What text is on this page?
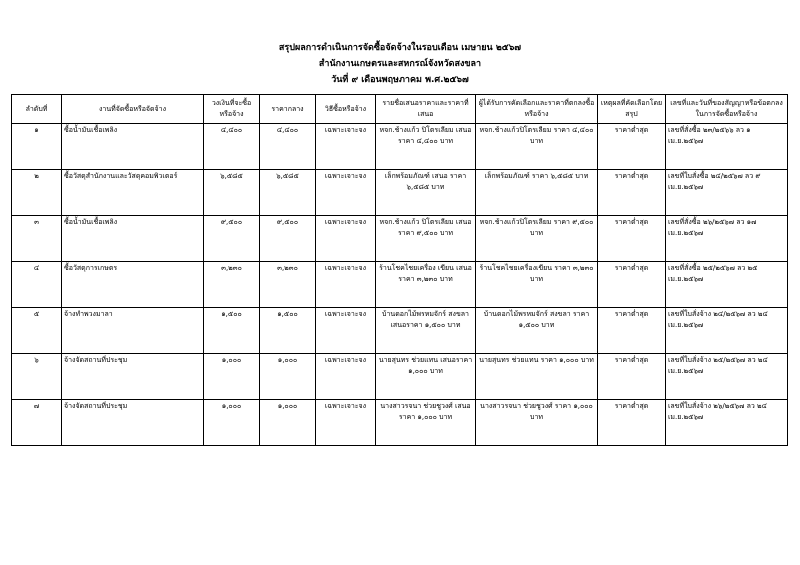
สรุปผลการดำเนินการจัดซื้อจัดจ้างในรอบเดือน เมษายน ๒๕๖๗
สำนักงานเกษตรและสหกรณ์จังหวัดสงขลา
วันที่ ๙ เดือนพฤษภาคม พ.ศ.๒๕๖๗
ลำดับที่	งานที่จัดซื้อหรือจัดจ้าง	วงเงินที่จะซื้อหรือจ้าง	ราคากลาง	วิธีซื้อหรือจ้าง	รายชื่อเสนอราคาและราคาที่เสนอ	ผู้ได้รับการคัดเลือกและราคาที่ตกลงซื้อหรือจ้าง	เหตุผลที่คัดเลือกโดยสรุป	เลขที่และวันที่ของสัญญาหรือข้อตกลงในการจัดซื้อหรือจ้าง
๑	ซื้อน้ำมันเชื้อเพลิง	๔,๔๐๐	๔,๔๐๐	เฉพาะเจาะจง	หจก.ช้างแก้ว ปิโตรเลียม เสนอราคา ๔,๔๐๐ บาท	หจก.ช้างแก้วปิโตรเลียม ราคา ๔,๔๐๐ บาท	ราคาต่ำสุด	เลขที่สั่งซื้อ ๒๓/๒๕๖๖ ลว ๑ เม.ย.๒๕๖๗
๒	ซื้อวัสดุสำนักงานและวัสดุคอมพิวเตอร์	๖,๕๘๕	๖,๕๘๕	เฉพาะเจาะจง	เล็กพร้อมภัณฑ์ เสนอ ราคา ๖,๕๘๕ บาท	เล็กพร้อมภัณฑ์ ราคา ๖,๕๘๕ บาท	ราคาต่ำสุด	เลขที่ใบสั่งซื้อ ๒๔/๒๕๖๗ ลว ๙ เม.ย.๒๕๖๗
๓	ซื้อน้ำมันเชื้อเพลิง	๙,๕๐๐	๙,๕๐๐	เฉพาะเจาะจง	หจก.ช้างแก้ว ปิโตรเลียม เสนอราคา ๙,๕๐๐ บาท	หจก.ช้างแก้วปิโตรเลียม ราคา ๙,๕๐๐ บาท	ราคาต่ำสุด	เลขที่สั่งซื้อ ๒๖/๒๕๖๗ ลว ๑๗ เม.ย.๒๕๖๗
๔	ซื้อวัสดุการเกษตร	๓,๒๓๐	๓,๒๓๐	เฉพาะเจาะจง	ร้านโชคไชยเครื่อง เขียน เสนอราคา ๓,๒๓๐ บาท	ร้านโชคไชยเครื่องเขียน ราคา ๓,๒๓๐ บาท	ราคาต่ำสุด	เลขที่สั่งซื้อ ๒๕/๒๕๖๗ ลว ๒๕ เม.ย.๒๕๖๗
๕	จ้างทำพวงมาลา	๑,๕๐๐	๑,๕๐๐	เฉพาะเจาะจง	บ้านดอกไม้พรหมจักร์ สงขลา เสนอราคา ๑,๕๐๐ บาท	บ้านดอกไม้พรหมจักร์ สงขลา ราคา ๑,๕๐๐ บาท	ราคาต่ำสุด	เลขที่ใบสั่งจ้าง ๒๔/๒๕๖๗ ลว ๒๔ เม.ย.๒๕๖๗
๖	จ้างจัดสถานที่ประชุม	๑,๐๐๐	๑,๐๐๐	เฉพาะเจาะจง	นายสุนทร ช่วยแทน เสนอราคา ๑,๐๐๐ บาท	นายสุนทร ช่วยแทน ราคา ๑,๐๐๐ บาท	ราคาต่ำสุด	เลขที่ใบสั่งจ้าง ๒๕/๒๕๖๗ ลว ๒๔ เม.ย.๒๕๖๗
๗	จ้างจัดสถานที่ประชุม	๑,๐๐๐	๑,๐๐๐	เฉพาะเจาะจง	นางสาวรจนา ช่วยชูวงศ์ เสนอราคา ๑,๐๐๐ บาท	นางสาวรจนา ช่วยชูวงศ์ ราคา ๑,๐๐๐ บาท	ราคาต่ำสุด	เลขที่ใบสั่งจ้าง ๒๖/๒๕๖๗ ลว ๒๔ เม.ย.๒๕๖๗
